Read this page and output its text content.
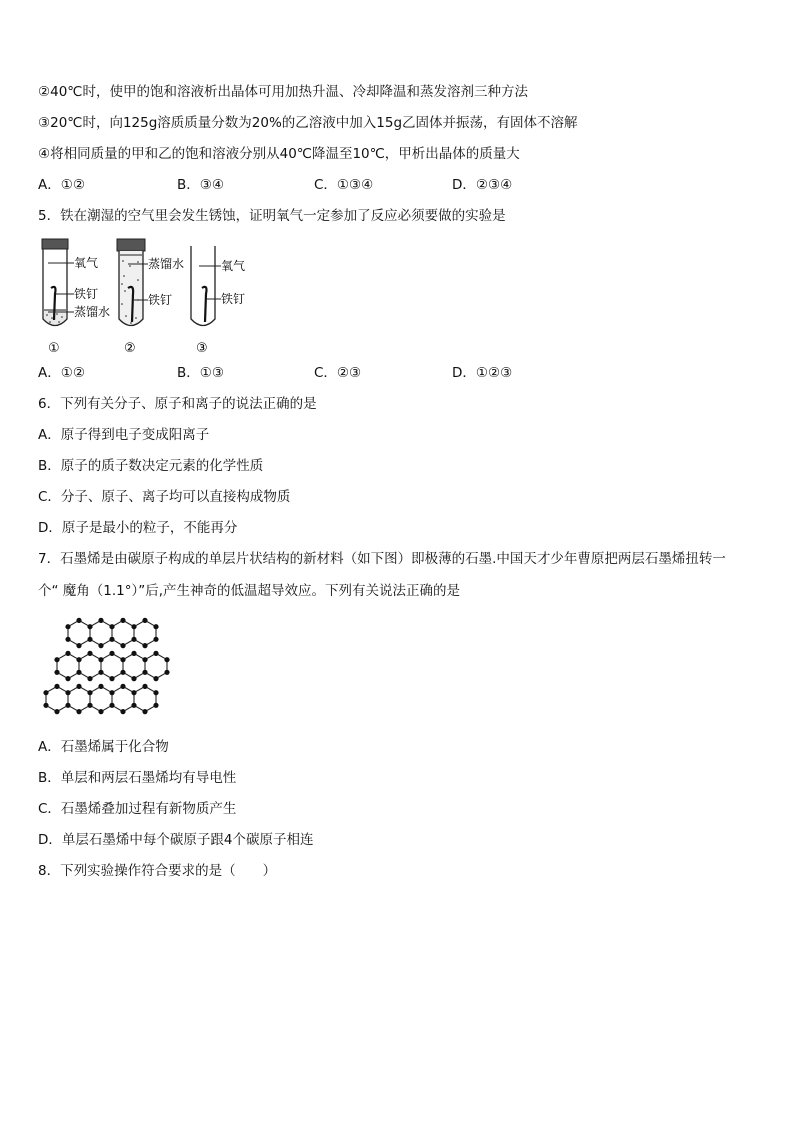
②40℃时，使甲的饱和溶液析出晶体可用加热升温、冷却降温和蒸发溶剂三种方法
③20℃时，向125g溶质质量分数为20%的乙溶液中加入15g乙固体并振荡，有固体不溶解
④将相同质量的甲和乙的饱和溶液分别从40℃降温至10℃，甲析出晶体的质量大
A．①②	B．③④	C．①③④	D．②③④
5．铁在潮湿的空气里会发生锈蚀，证明氧气一定参加了反应必须要做的实验是
氧气
铁钉
蒸馏水
①
蒸馏水
铁钉
②
氧气
铁钉
③
A．①②	B．①③	C．②③	D．①②③
6．下列有关分子、原子和离子的说法正确的是
A．原子得到电子变成阳离子
B．原子的质子数决定元素的化学性质
C．分子、原子、离子均可以直接构成物质
D．原子是最小的粒子，不能再分
7．石墨烯是由碳原子构成的单层片状结构的新材料（如下图）即极薄的石墨.中国天才少年曹原把两层石墨烯扭转一
个“ 魔角（1.1°）”后,产生神奇的低温超导效应。下列有关说法正确的是
A．石墨烯属于化合物
B．单层和两层石墨烯均有导电性
C．石墨烯叠加过程有新物质产生
D．单层石墨烯中每个碳原子跟4个碳原子相连
8．下列实验操作符合要求的是（　　）
